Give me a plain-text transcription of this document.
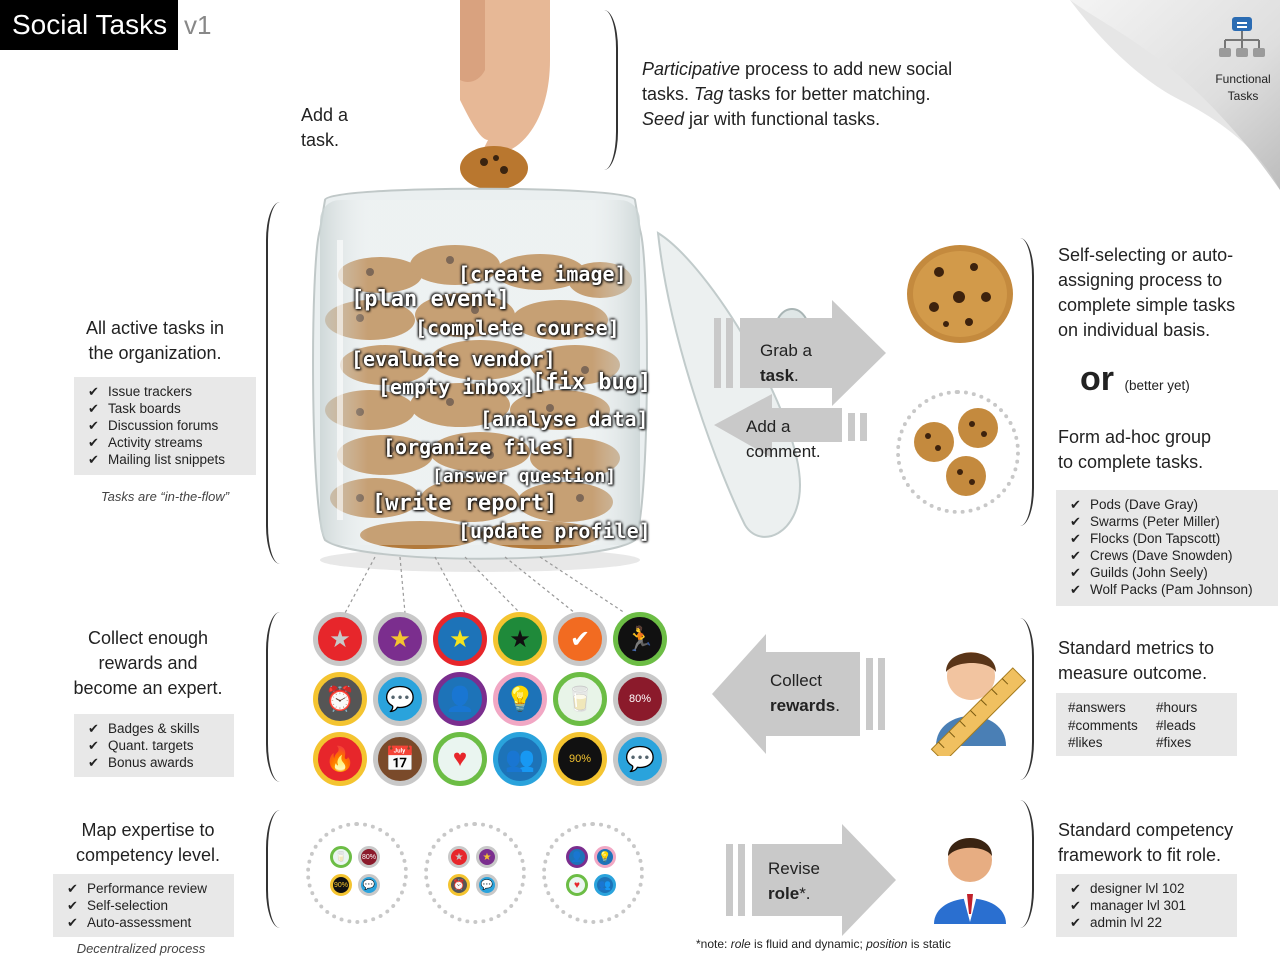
Social Tasks v1
Functional
Tasks
Add a
task.
Participative process to add new social
tasks. Tag tasks for better matching.
Seed jar with functional tasks.
All active tasks in
the organization.
✔ Issue trackers
✔ Task boards
✔ Discussion forums
✔ Activity streams
✔ Mailing list snippets
Tasks are “in-the-flow”
[create image]
[plan event]
[complete course]
[evaluate vendor]
[empty inbox]
[fix bug]
[analyse data]
[organize files]
[answer question]
[write report]
[update profile]
Grab a
task.
Add a
comment.
Self-selecting or auto-
assigning process to
complete simple tasks
on individual basis.
or (better yet)
Form ad-hoc group
to complete tasks.
✔ Pods (Dave Gray)
✔ Swarms (Peter Miller)
✔ Flocks (Don Tapscott)
✔ Crews (Dave Snowden)
✔ Guilds (John Seely)
✔ Wolf Packs (Pam Johnson)
Collect enough
rewards and
become an expert.
✔ Badges & skills
✔ Quant. targets
✔ Bonus awards
★	★	★	★	✔	🏃
⏰	💬	👤	💡	🥛	80%
🔥	📅	♥	👥	90%	💬
Collect
rewards.
Standard metrics to
measure outcome.
#answers	#hours
#comments	#leads
#likes	#fixes
Map expertise to
competency level.
✔ Performance review
✔ Self-selection
✔ Auto-assessment
Decentralized process
🥛	80%
90%	💬
★	★
⏰	💬
👤	💡
♥	👥
Revise
role*.
Standard competency
framework to fit role.
✔ designer lvl 102
✔ manager lvl 301
✔ admin lvl 22
*note: role is fluid and dynamic; position is static
